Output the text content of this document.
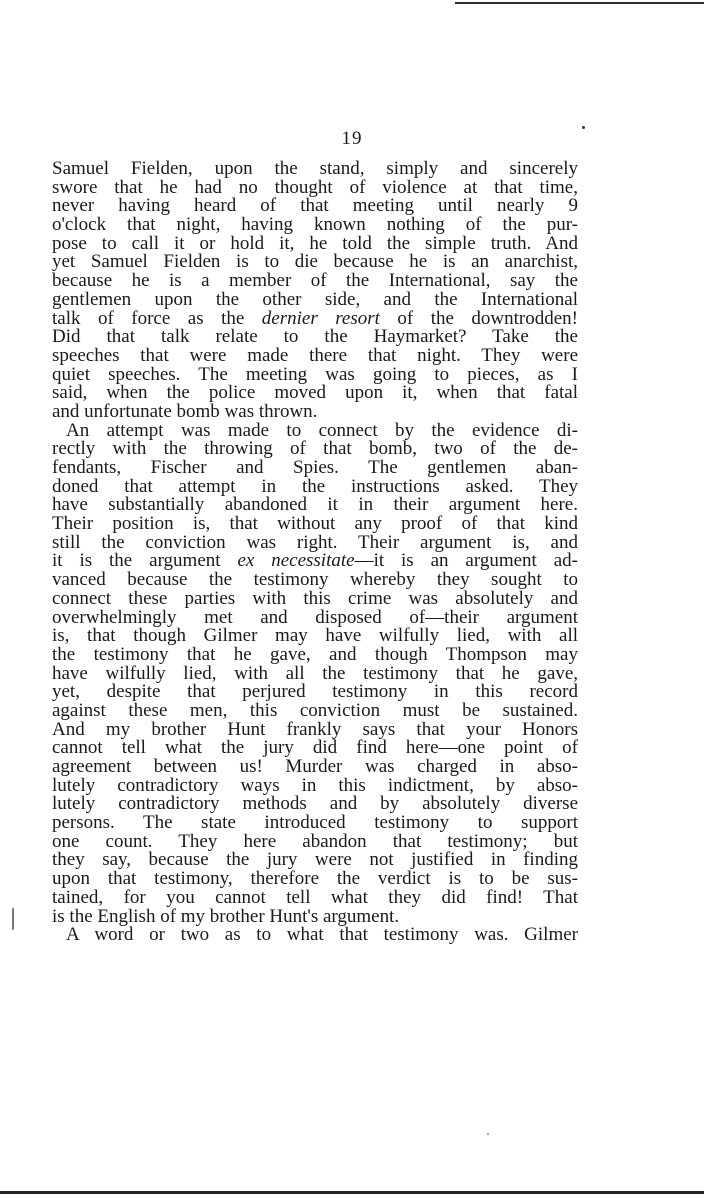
19
Samuel Fielden, upon the stand, simply and sincerely
swore that he had no thought of violence at that time,
never having heard of that meeting until nearly 9
o'clock that night, having known nothing of the pur-
pose to call it or hold it, he told the simple truth. And
yet Samuel Fielden is to die because he is an anarchist,
because he is a member of the International, say the
gentlemen upon the other side, and the International
talk of force as the dernier resort of the downtrodden!
Did that talk relate to the Haymarket? Take the
speeches that were made there that night. They were
quiet speeches. The meeting was going to pieces, as I
said, when the police moved upon it, when that fatal
and unfortunate bomb was thrown.
An attempt was made to connect by the evidence di-
rectly with the throwing of that bomb, two of the de-
fendants, Fischer and Spies. The gentlemen aban-
doned that attempt in the instructions asked. They
have substantially abandoned it in their argument here.
Their position is, that without any proof of that kind
still the conviction was right. Their argument is, and
it is the argument ex necessitate—it is an argument ad-
vanced because the testimony whereby they sought to
connect these parties with this crime was absolutely and
overwhelmingly met and disposed of—their argument
is, that though Gilmer may have wilfully lied, with all
the testimony that he gave, and though Thompson may
have wilfully lied, with all the testimony that he gave,
yet, despite that perjured testimony in this record
against these men, this conviction must be sustained.
And my brother Hunt frankly says that your Honors
cannot tell what the jury did find here—one point of
agreement between us! Murder was charged in abso-
lutely contradictory ways in this indictment, by abso-
lutely contradictory methods and by absolutely diverse
persons. The state introduced testimony to support
one count. They here abandon that testimony; but
they say, because the jury were not justified in finding
upon that testimony, therefore the verdict is to be sus-
tained, for you cannot tell what they did find! That
is the English of my brother Hunt's argument.
A word or two as to what that testimony was. Gilmer
